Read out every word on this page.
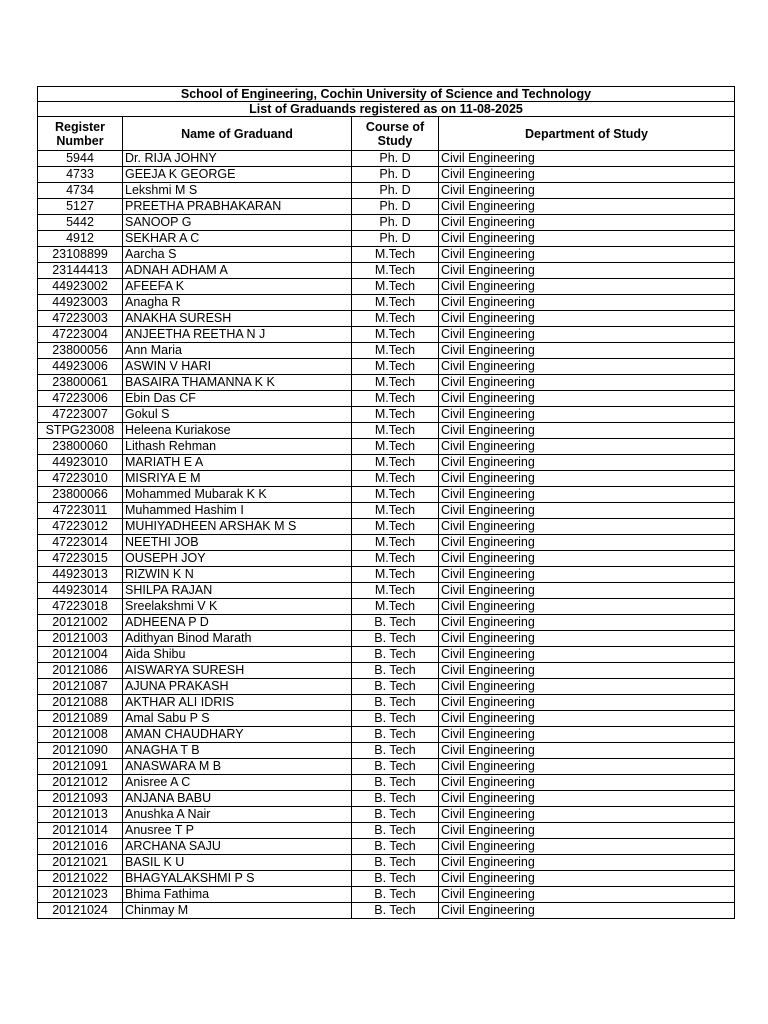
School of Engineering, Cochin University of Science and Technology			
List of Graduands registered as on 11-08-2025			
Register Number	Name of Graduand	Course of Study	Department of Study
5944	Dr. RIJA JOHNY	Ph. D	Civil Engineering
4733	GEEJA K GEORGE	Ph. D	Civil Engineering
4734	Lekshmi M S	Ph. D	Civil Engineering
5127	PREETHA PRABHAKARAN	Ph. D	Civil Engineering
5442	SANOOP G	Ph. D	Civil Engineering
4912	SEKHAR A C	Ph. D	Civil Engineering
23108899	Aarcha S	M.Tech	Civil Engineering
23144413	ADNAH ADHAM A	M.Tech	Civil Engineering
44923002	AFEEFA K	M.Tech	Civil Engineering
44923003	Anagha R	M.Tech	Civil Engineering
47223003	ANAKHA SURESH	M.Tech	Civil Engineering
47223004	ANJEETHA REETHA N J	M.Tech	Civil Engineering
23800056	Ann Maria	M.Tech	Civil Engineering
44923006	ASWIN V HARI	M.Tech	Civil Engineering
23800061	BASAIRA THAMANNA K K	M.Tech	Civil Engineering
47223006	Ebin Das CF	M.Tech	Civil Engineering
47223007	Gokul S	M.Tech	Civil Engineering
STPG23008	Heleena Kuriakose	M.Tech	Civil Engineering
23800060	Lithash Rehman	M.Tech	Civil Engineering
44923010	MARIATH E A	M.Tech	Civil Engineering
47223010	MISRIYA E M	M.Tech	Civil Engineering
23800066	Mohammed Mubarak K K	M.Tech	Civil Engineering
47223011	Muhammed Hashim I	M.Tech	Civil Engineering
47223012	MUHIYADHEEN ARSHAK M S	M.Tech	Civil Engineering
47223014	NEETHI JOB	M.Tech	Civil Engineering
47223015	OUSEPH JOY	M.Tech	Civil Engineering
44923013	RIZWIN K N	M.Tech	Civil Engineering
44923014	SHILPA RAJAN	M.Tech	Civil Engineering
47223018	Sreelakshmi V K	M.Tech	Civil Engineering
20121002	ADHEENA P D	B. Tech	Civil Engineering
20121003	Adithyan Binod Marath	B. Tech	Civil Engineering
20121004	Aida Shibu	B. Tech	Civil Engineering
20121086	AISWARYA SURESH	B. Tech	Civil Engineering
20121087	AJUNA PRAKASH	B. Tech	Civil Engineering
20121088	AKTHAR ALI IDRIS	B. Tech	Civil Engineering
20121089	Amal Sabu P S	B. Tech	Civil Engineering
20121008	AMAN CHAUDHARY	B. Tech	Civil Engineering
20121090	ANAGHA T B	B. Tech	Civil Engineering
20121091	ANASWARA M B	B. Tech	Civil Engineering
20121012	Anisree A C	B. Tech	Civil Engineering
20121093	ANJANA BABU	B. Tech	Civil Engineering
20121013	Anushka A Nair	B. Tech	Civil Engineering
20121014	Anusree T P	B. Tech	Civil Engineering
20121016	ARCHANA SAJU	B. Tech	Civil Engineering
20121021	BASIL K U	B. Tech	Civil Engineering
20121022	BHAGYALAKSHMI P S	B. Tech	Civil Engineering
20121023	Bhima Fathima	B. Tech	Civil Engineering
20121024	Chinmay M	B. Tech	Civil Engineering
